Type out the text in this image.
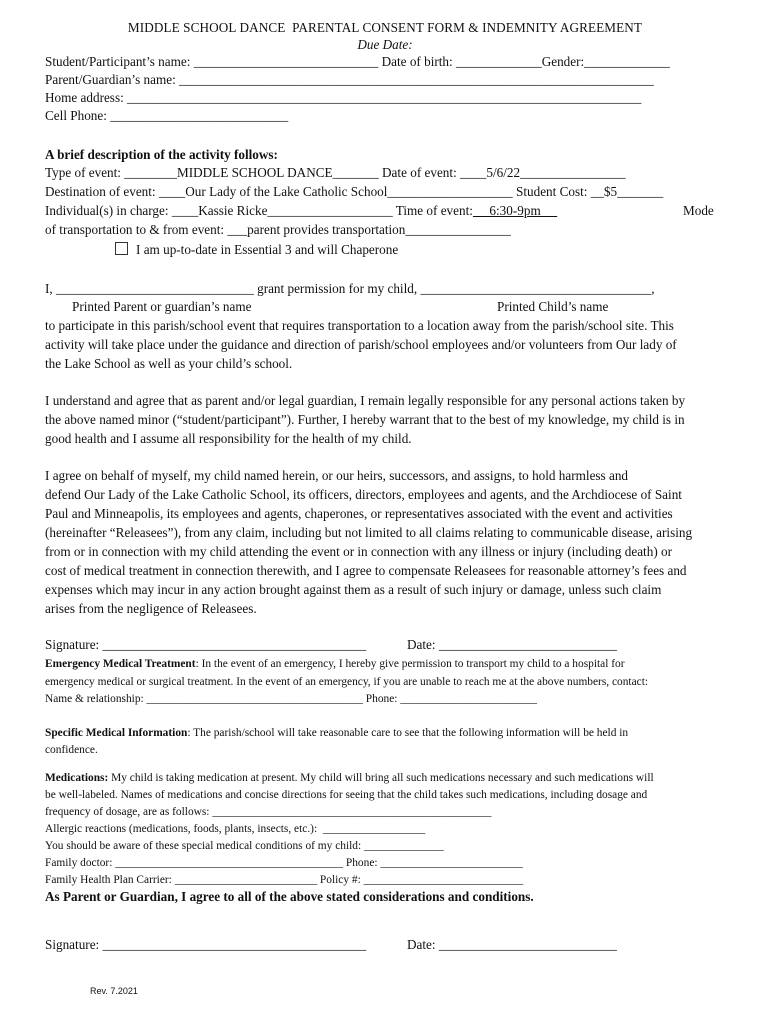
MIDDLE SCHOOL DANCE  PARENTAL CONSENT FORM & INDEMNITY AGREEMENT
Due Date:
Student/Participant’s name: ____________________________ Date of birth: _____________Gender:_____________
Parent/Guardian’s name: ________________________________________________________________________
Home address: ______________________________________________________________________________
Cell Phone: ___________________________
A brief description of the activity follows:
Type of event: ________MIDDLE SCHOOL DANCE_______ Date of event: ____5/6/22________________
Destination of event: ____Our Lady of the Lake Catholic School___________________ Student Cost: __$5_______
Individual(s) in charge: ____Kassie Ricke___________________ Time of event:     6:30-9pm	Mode
of transportation to & from event: ___parent provides transportation________________
I am up-to-date in Essential 3 and will Chaperone
I, ______________________________ grant permission for my child, ___________________________________,
Printed Parent or guardian’s name	Printed Child’s name
to participate in this parish/school event that requires transportation to a location away from the parish/school site. This
activity will take place under the guidance and direction of parish/school employees and/or volunteers from Our lady of
the Lake School as well as your child’s school.
I understand and agree that as parent and/or legal guardian, I remain legally responsible for any personal actions taken by
the above named minor (“student/participant”). Further, I hereby warrant that to the best of my knowledge, my child is in
good health and I assume all responsibility for the health of my child.
I agree on behalf of myself, my child named herein, or our heirs, successors, and assigns, to hold harmless and
defend Our Lady of the Lake Catholic School, its officers, directors, employees and agents, and the Archdiocese of Saint
Paul and Minneapolis, its employees and agents, chaperones, or representatives associated with the event and activities
(hereinafter “Releasees”), from any claim, including but not limited to all claims relating to communicable disease, arising
from or in connection with my child attending the event or in connection with any illness or injury (including death) or
cost of medical treatment in connection therewith, and I agree to compensate Releasees for reasonable attorney’s fees and
expenses which may incur in any action brought against them as a result of such injury or damage, unless such claim
arises from the negligence of Releasees.
Signature: ________________________________________	Date: ___________________________
Emergency Medical Treatment: In the event of an emergency, I hereby give permission to transport my child to a hospital for
emergency medical or surgical treatment. In the event of an emergency, if you are unable to reach me at the above numbers, contact:
Name & relationship: ______________________________________ Phone: ________________________
Specific Medical Information: The parish/school will take reasonable care to see that the following information will be held in
confidence.
Medications: My child is taking medication at present. My child will bring all such medications necessary and such medications will
be well-labeled. Names of medications and concise directions for seeing that the child takes such medications, including dosage and
frequency of dosage, are as follows: _________________________________________________
Allergic reactions (medications, foods, plants, insects, etc.):  __________________
You should be aware of these special medical conditions of my child: ______________
Family doctor: ________________________________________ Phone: _________________________
Family Health Plan Carrier: _________________________ Policy #: ____________________________
As Parent or Guardian, I agree to all of the above stated considerations and conditions.
Signature: ________________________________________	Date: ___________________________
Rev. 7.2021
